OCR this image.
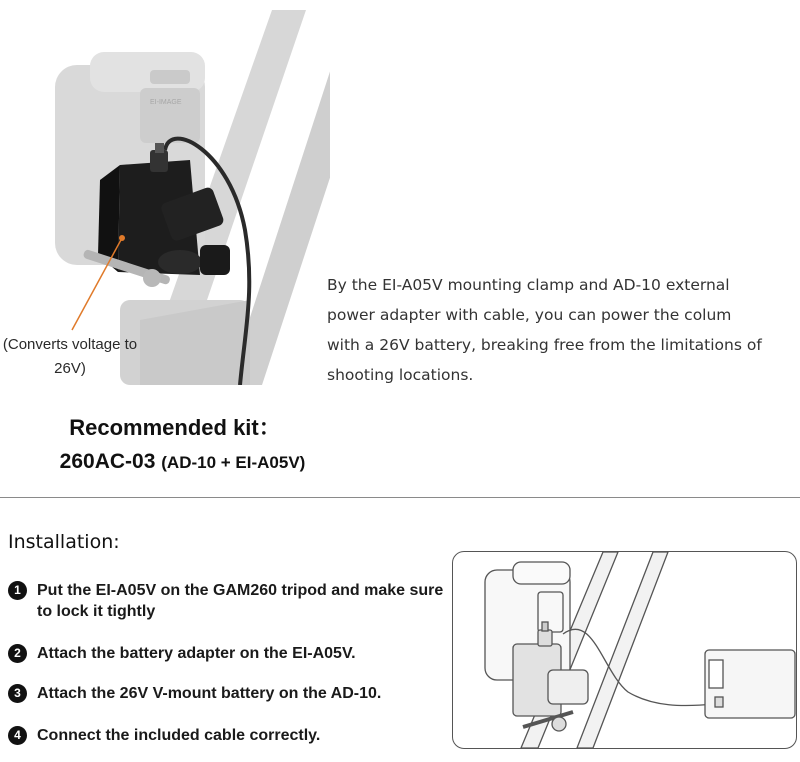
EI-IMAGE
(Converts voltage to 26V)
By the EI-A05V mounting clamp and AD-10 external power adapter with cable, you can power the colum with a 26V battery, breaking free from the limitations of shooting locations.
Recommended kit：
260AC-03 (AD-10 + EI-A05V)
Installation:
1	Put the EI-A05V on the GAM260 tripod and make sure to lock it tightly
2	Attach the battery adapter on the EI-A05V.
3	Attach the 26V V-mount battery on the AD-10.
4	Connect the included cable correctly.
